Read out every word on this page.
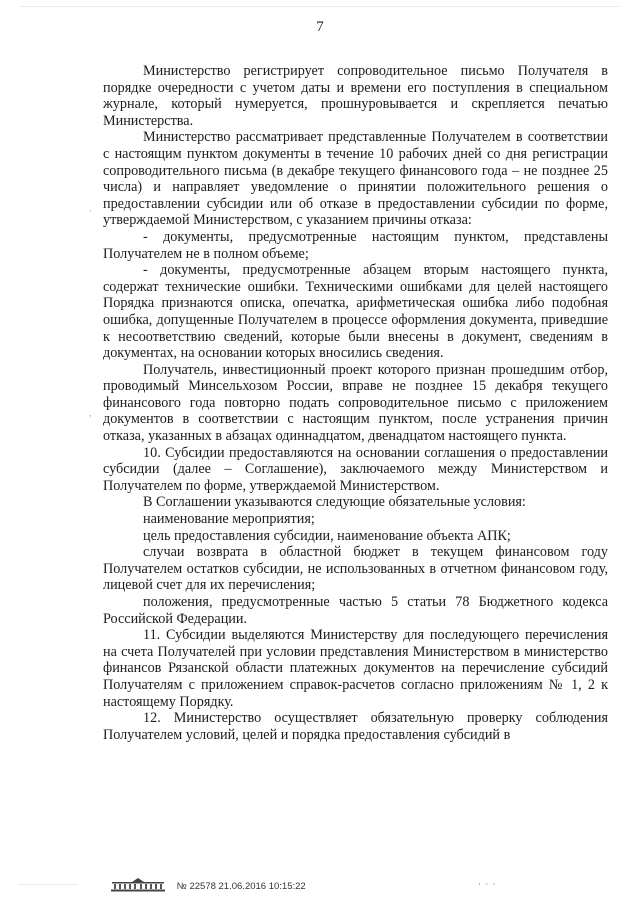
7

Министерство регистрирует сопроводительное письмо Получателя в порядке очередности с учетом даты и времени его поступления в специальном журнале, который нумеруется, прошнуровывается и скрепляется печатью Министерства.

Министерство рассматривает представленные Получателем в соответствии с настоящим пунктом документы в течение 10 рабочих дней со дня регистрации сопроводительного письма (в декабре текущего финансового года – не позднее 25 числа) и направляет уведомление о принятии положительного решения о предоставлении субсидии или об отказе в предоставлении субсидии по форме, утверждаемой Министерством, с указанием причины отказа:

- документы, предусмотренные настоящим пунктом, представлены Получателем не в полном объеме;

- документы, предусмотренные абзацем вторым настоящего пункта, содержат технические ошибки. Техническими ошибками для целей настоящего Порядка признаются описка, опечатка, арифметическая ошибка либо подобная ошибка, допущенные Получателем в процессе оформления документа, приведшие к несоответствию сведений, которые были внесены в документ, сведениям в документах, на основании которых вносились сведения.

Получатель, инвестиционный проект которого признан прошедшим отбор, проводимый Минсельхозом России, вправе не позднее 15 декабря текущего финансового года повторно подать сопроводительное письмо с приложением документов в соответствии с настоящим пунктом, после устранения причин отказа, указанных в абзацах одиннадцатом, двенадцатом настоящего пункта.

10. Субсидии предоставляются на основании соглашения о предоставлении субсидии (далее – Соглашение), заключаемого между Министерством и Получателем по форме, утверждаемой Министерством.

В Соглашении указываются следующие обязательные условия:

наименование мероприятия;

цель предоставления субсидии, наименование объекта АПК;

случаи возврата в областной бюджет в текущем финансовом году Получателем остатков субсидии, не использованных в отчетном финансовом году, лицевой счет для их перечисления;

положения, предусмотренные частью 5 статьи 78 Бюджетного кодекса Российской Федерации.

11. Субсидии выделяются Министерству для последующего перечисления на счета Получателей при условии представления Министерством в министерство финансов Рязанской области платежных документов на перечисление субсидий Получателям с приложением справок-расчетов согласно приложениям № 1, 2 к настоящему Порядку.

12. Министерство осуществляет обязательную проверку соблюдения Получателем условий, целей и порядка предоставления субсидий в

·
,
№ 22578 21.06.2016 10:15:22	· · ·
